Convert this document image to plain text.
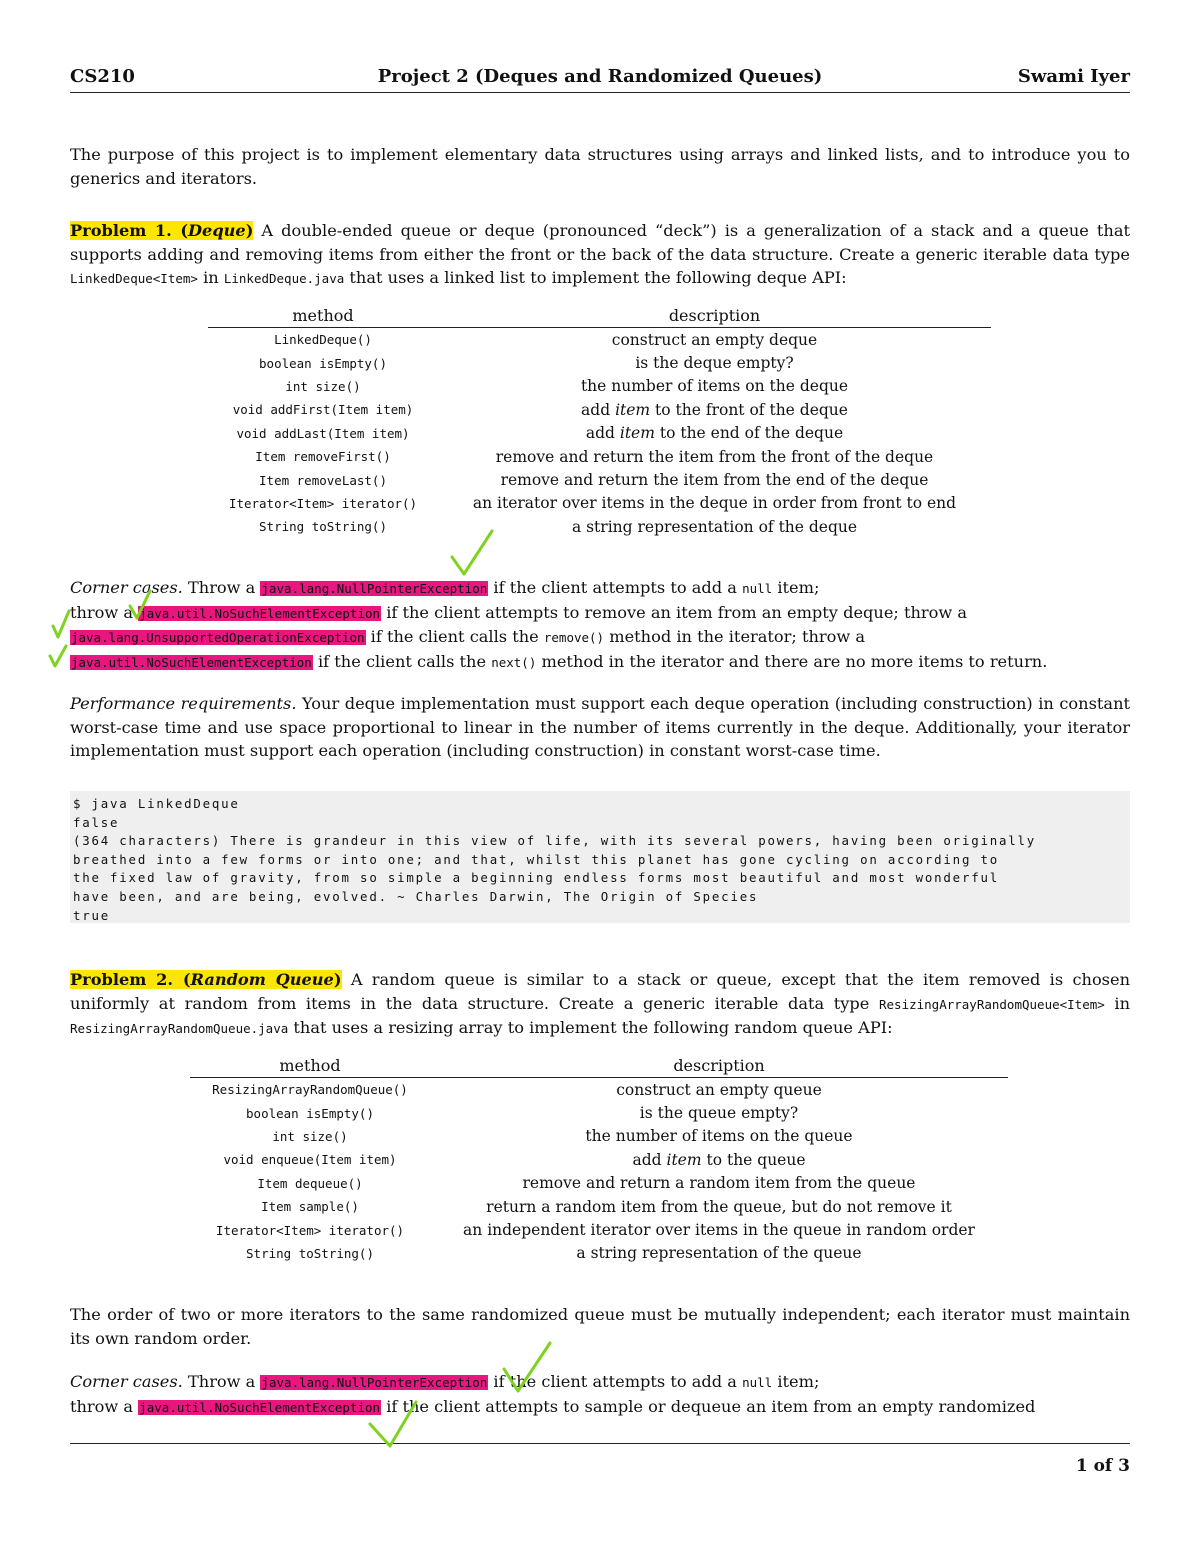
CS210	Project 2 (Deques and Randomized Queues)	Swami Iyer
The purpose of this project is to implement elementary data structures using arrays and linked lists, and to introduce you to generics and iterators.
Problem 1. (Deque) A double-ended queue or deque (pronounced “deck”) is a generalization of a stack and a queue that supports adding and removing items from either the front or the back of the data structure. Create a generic iterable data type LinkedDeque<Item> in LinkedDeque.java that uses a linked list to implement the following deque API:
method	description
LinkedDeque()	construct an empty deque
boolean isEmpty()	is the deque empty?
int size()	the number of items on the deque
void addFirst(Item item)	add item to the front of the deque
void addLast(Item item)	add item to the end of the deque
Item removeFirst()	remove and return the item from the front of the deque
Item removeLast()	remove and return the item from the end of the deque
Iterator<Item> iterator()	an iterator over items in the deque in order from front to end
String toString()	a string representation of the deque
Corner cases. Throw a java.lang.NullPointerException if the client attempts to add a null item;
throw a java.util.NoSuchElementException if the client attempts to remove an item from an empty deque; throw a
java.lang.UnsupportedOperationException if the client calls the remove() method in the iterator; throw a
java.util.NoSuchElementException if the client calls the next() method in the iterator and there are no more items to return.
Performance requirements. Your deque implementation must support each deque operation (including construction) in constant worst-case time and use space proportional to linear in the number of items currently in the deque. Additionally, your iterator implementation must support each operation (including construction) in constant worst-case time.
$ java LinkedDeque
false
(364 characters) There is grandeur in this view of life, with its several powers, having been originally
breathed into a few forms or into one; and that, whilst this planet has gone cycling on according to
the fixed law of gravity, from so simple a beginning endless forms most beautiful and most wonderful
have been, and are being, evolved. ~ Charles Darwin, The Origin of Species
true
Problem 2. (Random Queue) A random queue is similar to a stack or queue, except that the item removed is chosen uniformly at random from items in the data structure. Create a generic iterable data type ResizingArrayRandomQueue<Item> in ResizingArrayRandomQueue.java that uses a resizing array to implement the following random queue API:
method	description
ResizingArrayRandomQueue()	construct an empty queue
boolean isEmpty()	is the queue empty?
int size()	the number of items on the queue
void enqueue(Item item)	add item to the queue
Item dequeue()	remove and return a random item from the queue
Item sample()	return a random item from the queue, but do not remove it
Iterator<Item> iterator()	an independent iterator over items in the queue in random order
String toString()	a string representation of the queue
The order of two or more iterators to the same randomized queue must be mutually independent; each iterator must maintain its own random order.
Corner cases. Throw a java.lang.NullPointerException if the client attempts to add a null item;
throw a java.util.NoSuchElementException if the client attempts to sample or dequeue an item from an empty randomized
1 of 3
